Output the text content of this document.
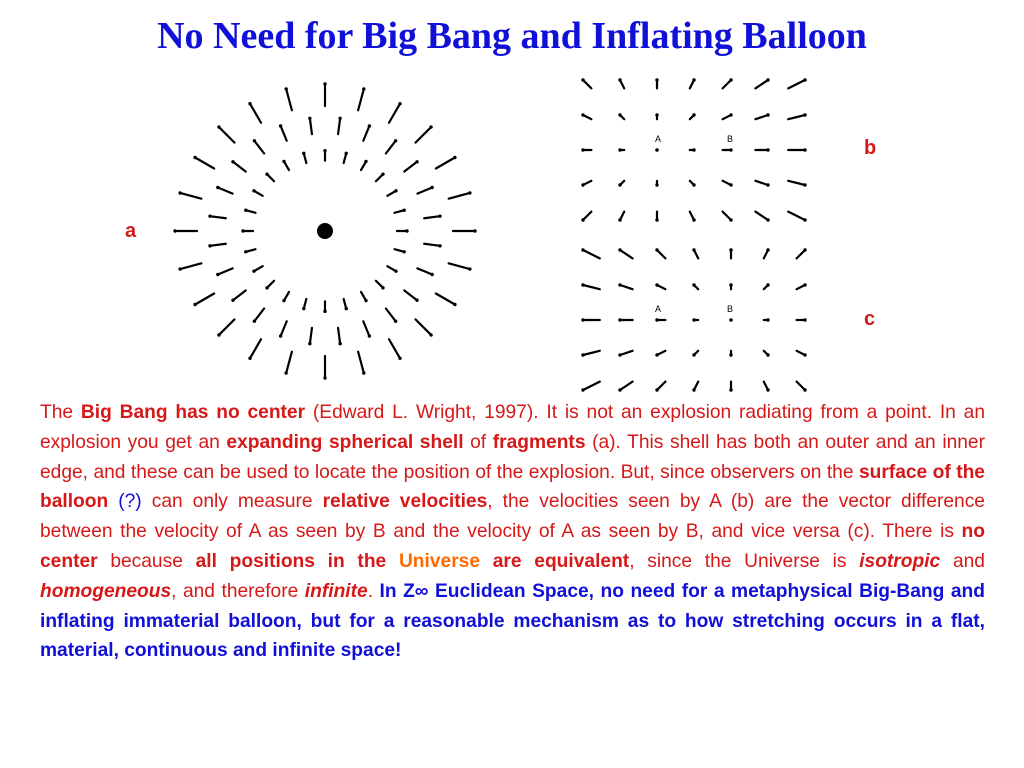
No Need for Big Bang and Inflating Balloon
A	B
A	B
a
b
c

The Big Bang has no center (Edward L. Wright, 1997). It is not an explosion radiating from a point. In an explosion you get an expanding spherical shell of fragments (a). This shell has both an outer and an inner edge, and these can be used to locate the position of the explosion. But, since observers on the surface of the balloon (?) can only measure relative velocities, the velocities seen by A (b) are the vector difference between the velocity of A as seen by B and the velocity of A as seen by B, and vice versa (c). There is no center because all positions in the Universe are equivalent, since the Universe is isotropic and homogeneous, and therefore infinite. In Z∞ Euclidean Space, no need for a metaphysical Big-Bang and inflating immaterial balloon, but for a reasonable mechanism as to how stretching occurs in a flat, material, continuous and infinite space!
